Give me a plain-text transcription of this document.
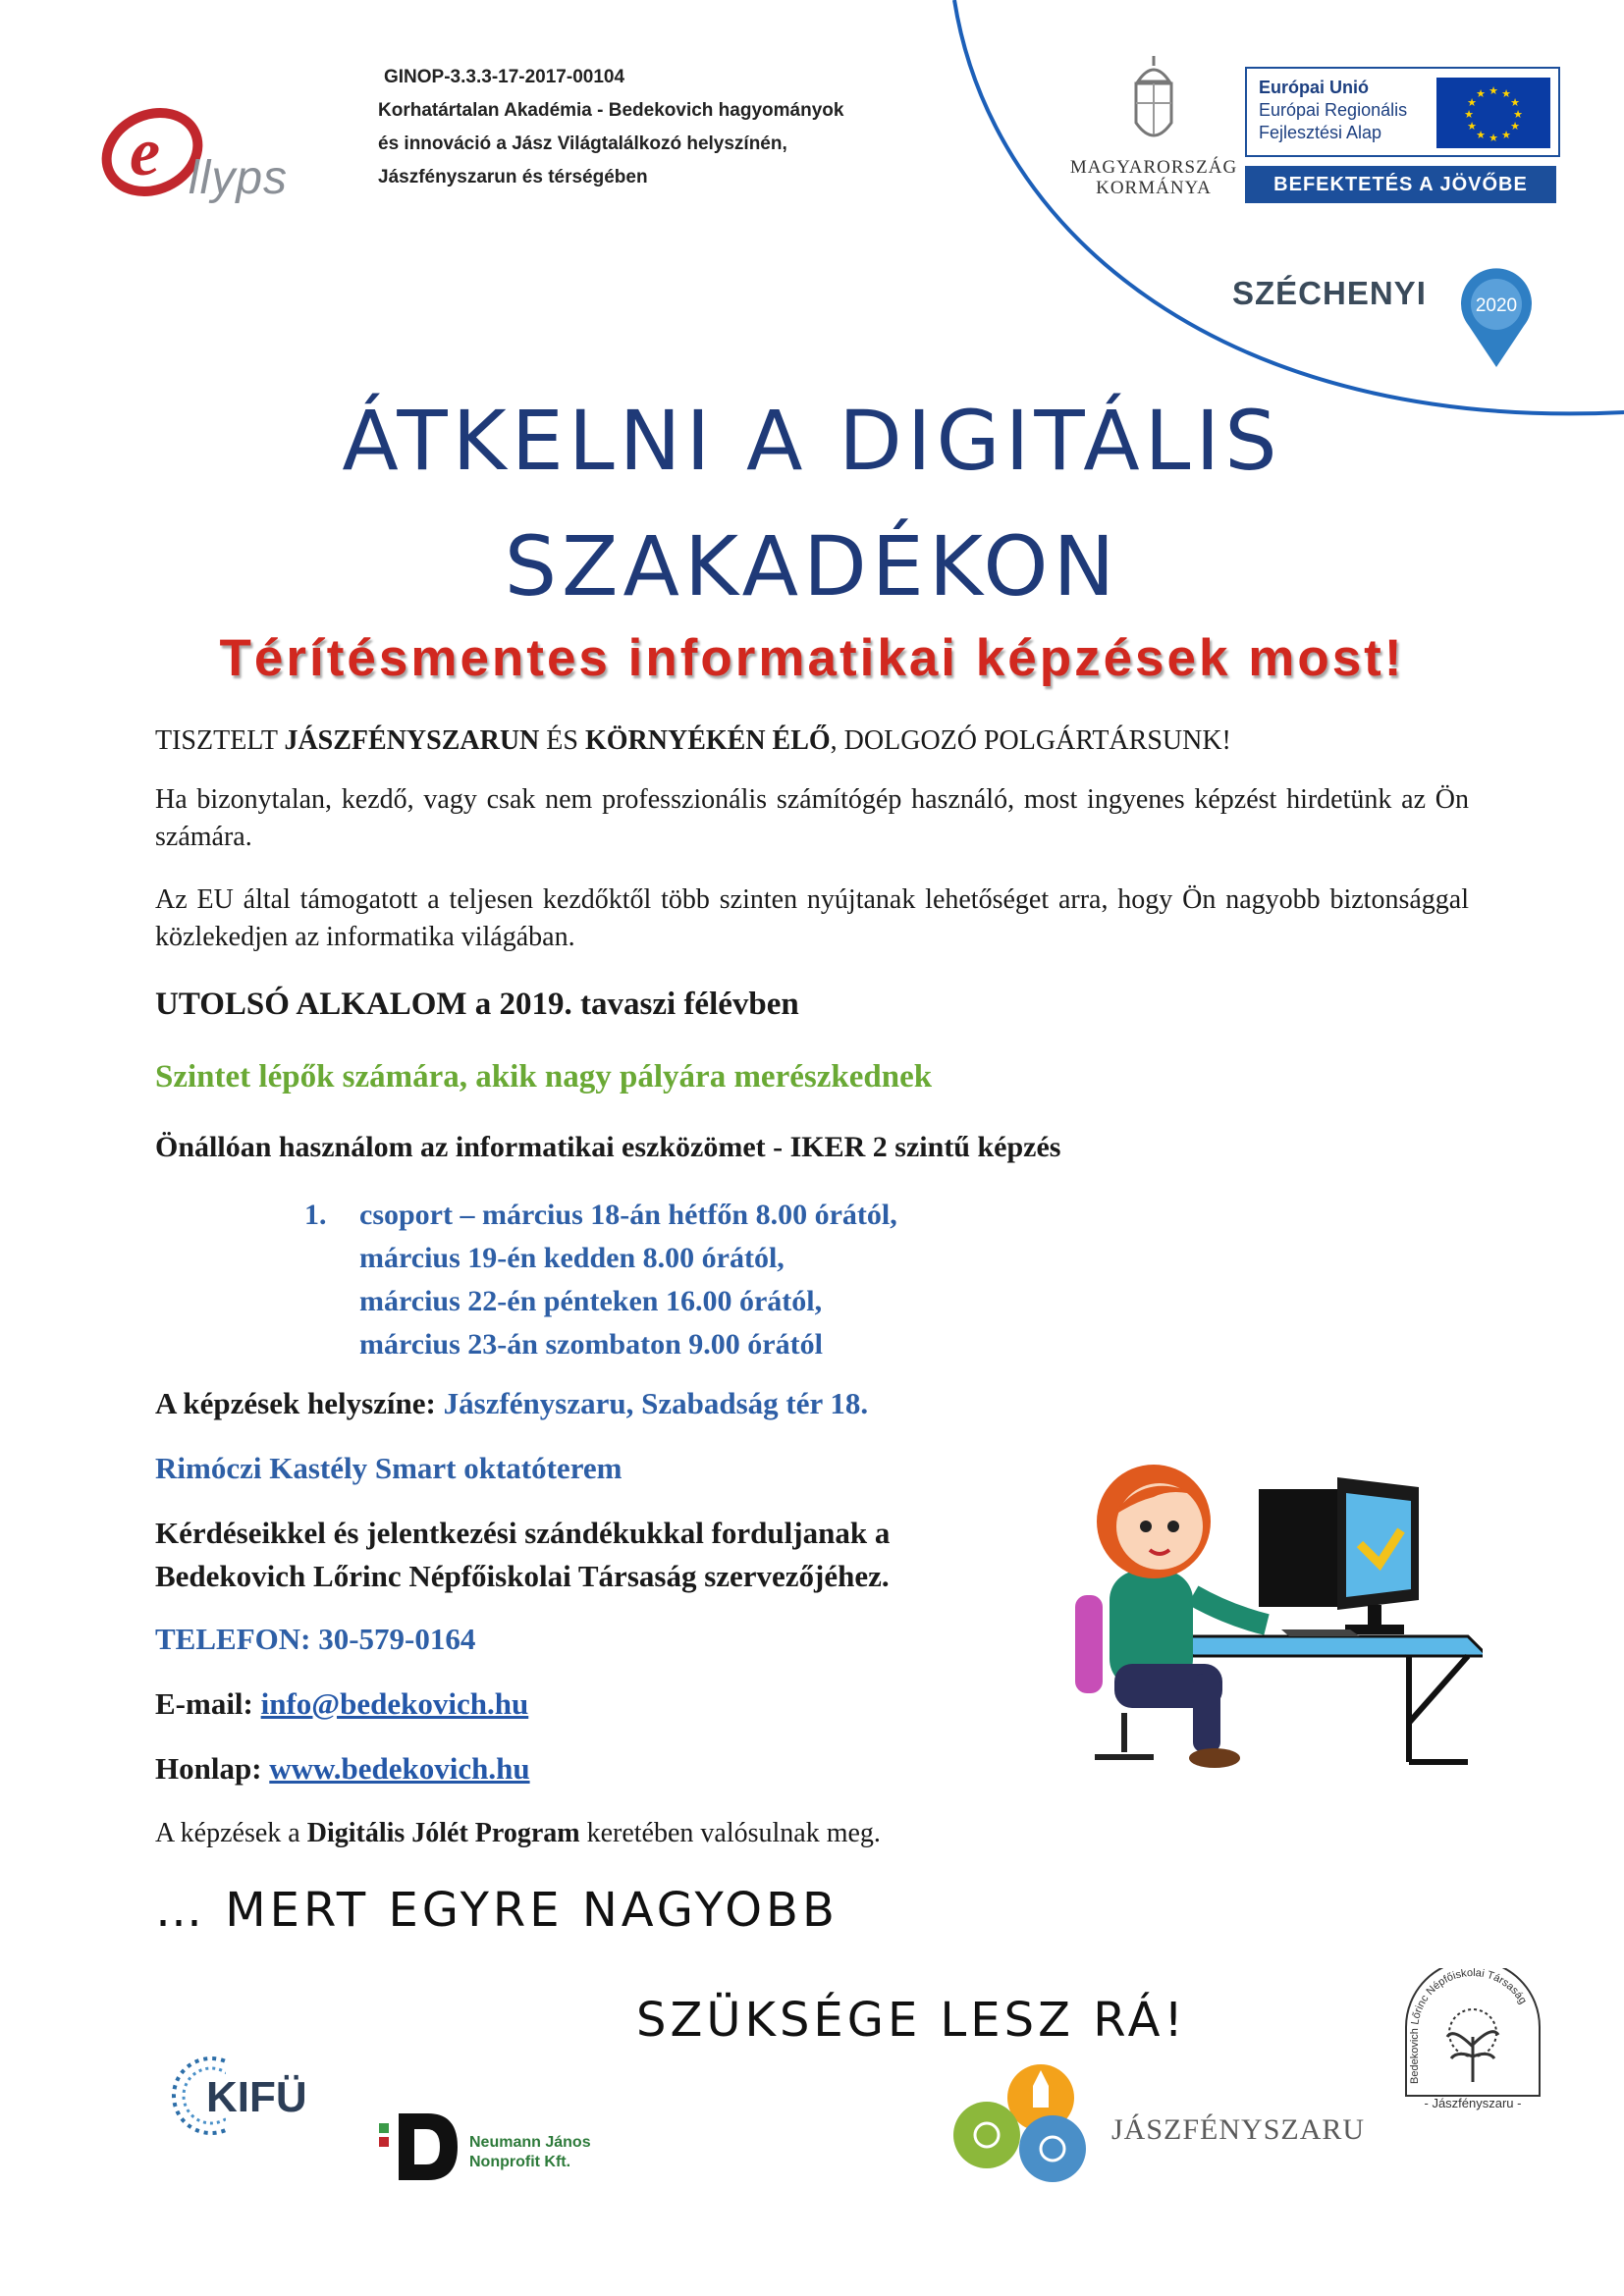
e llyps
GINOP-3.3.3-17-2017-00104
Korhatártalan Akadémia - Bedekovich hagyományok
és innováció a Jász Világtalálkozó helyszínén,
Jászfényszarun és térségében	MAGYARORSZÁG
KORMÁNYA
Európai Unió
Európai Regionális
Fejlesztési Alap
★ ★
★
★
★
★
★
★
★
★
★
★
BEFEKTETÉS A JÖVŐBE
SZÉCHENYI	2020
ÁTKELNI A DIGITÁLIS
SZAKADÉKON
Térítésmentes informatikai képzések most!
TISZTELT JÁSZFÉNYSZARUN ÉS KÖRNYÉKÉN ÉLŐ, DOLGOZÓ POLGÁRTÁRSUNK!
Ha bizonytalan, kezdő, vagy csak nem professzionális számítógép használó, most ingyenes képzést hirdetünk az Ön számára.
Az EU által támogatott a teljesen kezdőktől több szinten nyújtanak lehetőséget arra, hogy Ön nagyobb biztonsággal közlekedjen az informatika világában.
UTOLSÓ ALKALOM a 2019. tavaszi félévben
Szintet lépők számára, akik nagy pályára merészkednek
Önállóan használom az informatikai eszközömet - IKER 2 szintű képzés
1. csoport – március 18-án hétfőn 8.00 órától,
március 19-én kedden 8.00 órától,
március 22-én pénteken 16.00 órától,
március 23-án szombaton 9.00 órától
A képzések helyszíne: Jászfényszaru, Szabadság tér 18.
Rimóczi Kastély Smart oktatóterem
Kérdéseikkel és jelentkezési szándékukkal forduljanak a
Bedekovich Lőrinc Népfőiskolai Társaság szervezőjéhez.
TELEFON: 30-579-0164
E-mail: info@bedekovich.hu
Honlap: www.bedekovich.hu
A képzések a Digitális Jólét Program keretében valósulnak meg.
… MERT EGYRE NAGYOBB
SZÜKSÉGE LESZ RÁ!
KIFÜ
Neumann János
Nonprofit Kft.
JÁSZFÉNYSZARU
Bedekovich Lőrinc Népfőiskolai Társaság
- Jászfényszaru -
